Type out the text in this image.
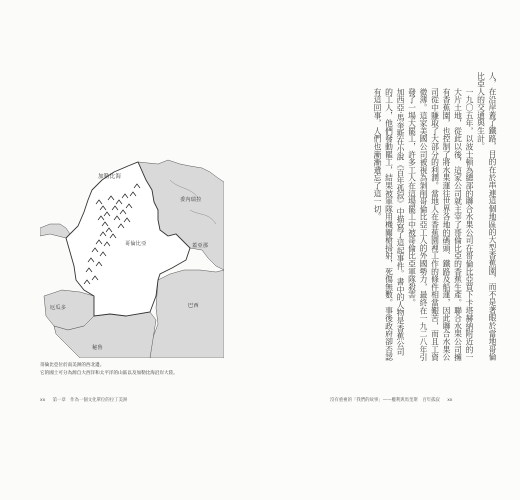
加勒比海
委內瑞拉
哥倫比亞	蓋亞那
巴西
厄瓜多
秘魯
哥倫比亞位於南美洲的西北邊。
它的國土可分為源自大西洋和太平洋的山區以及加勒比海沿岸大陸。
xx 第一章　作為一個文化單位的拉丁美洲

人，在沿岸蓋了鐵路，目的在於串連這個地區的大型香蕉園，而不是著眼於當地哥倫比亞人的交通與生計。

一九〇五年，以波士頓為總部的聯合水果公司在哥倫比亞買下卡塔赫納附近的一大片土地，從此以後，這家公司就主宰了哥倫比亞的香蕉生產。聯合水果公司擁有香蕉園，也控制了將水果運往世界各地的碼頭、鐵路及船運，因此聯合水果公司從中賺取了大部分的利潤。當地人在香蕉園裡工作的條件相當艱苦，而且工資微薄。這家美國公司被視為剝削哥倫比亞工人的外國勢力，最終在一九二八年引發了一場大罷工，許多工人在這場罷工中被哥倫比亞軍隊殺害。

加西亞·馬奎斯在小說《百年孤寂》中描寫了這起事件。書中的人物是香蕉公司的工人，他們發動罷工，結果被軍隊用機關槍掃射，死傷無數。事後政府卻否認有這回事，人們也漸漸遺忘了這一切。

沒有重複的「我們的故事」——權利與馬奎斯　百年孤寂 xx
